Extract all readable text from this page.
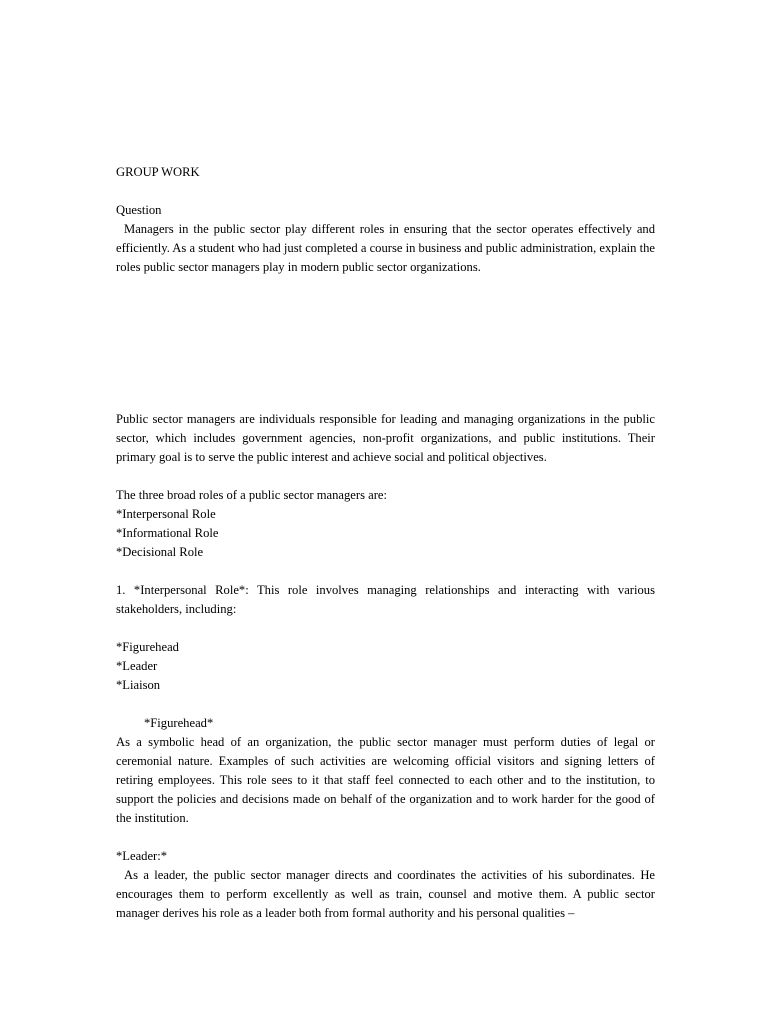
GROUP WORK
Question

Managers in the public sector play different roles in ensuring that the sector operates effectively and efficiently. As a student who had just completed a course in business and public administration, explain the roles public sector managers play in modern public sector organizations.

Public sector managers are individuals responsible for leading and managing organizations in the public sector, which includes government agencies, non-profit organizations, and public institutions. Their primary goal is to serve the public interest and achieve social and political objectives.

The three broad roles of a public sector managers are:
*Interpersonal Role
*Informational Role
*Decisional Role

1. *Interpersonal Role*: This role involves managing relationships and interacting with various stakeholders, including:

*Figurehead
*Leader
*Liaison
*Figurehead*

As a symbolic head of an organization, the public sector manager must perform duties of legal or ceremonial nature. Examples of such activities are welcoming official visitors and signing letters of retiring employees. This role sees to it that staff feel connected to each other and to the institution, to support the policies and decisions made on behalf of the organization and to work harder for the good of the institution.

*Leader:*

As a leader, the public sector manager directs and coordinates the activities of his subordinates. He encourages them to perform excellently as well as train, counsel and motive them. A public sector manager derives his role as a leader both from formal authority and his personal qualities –
